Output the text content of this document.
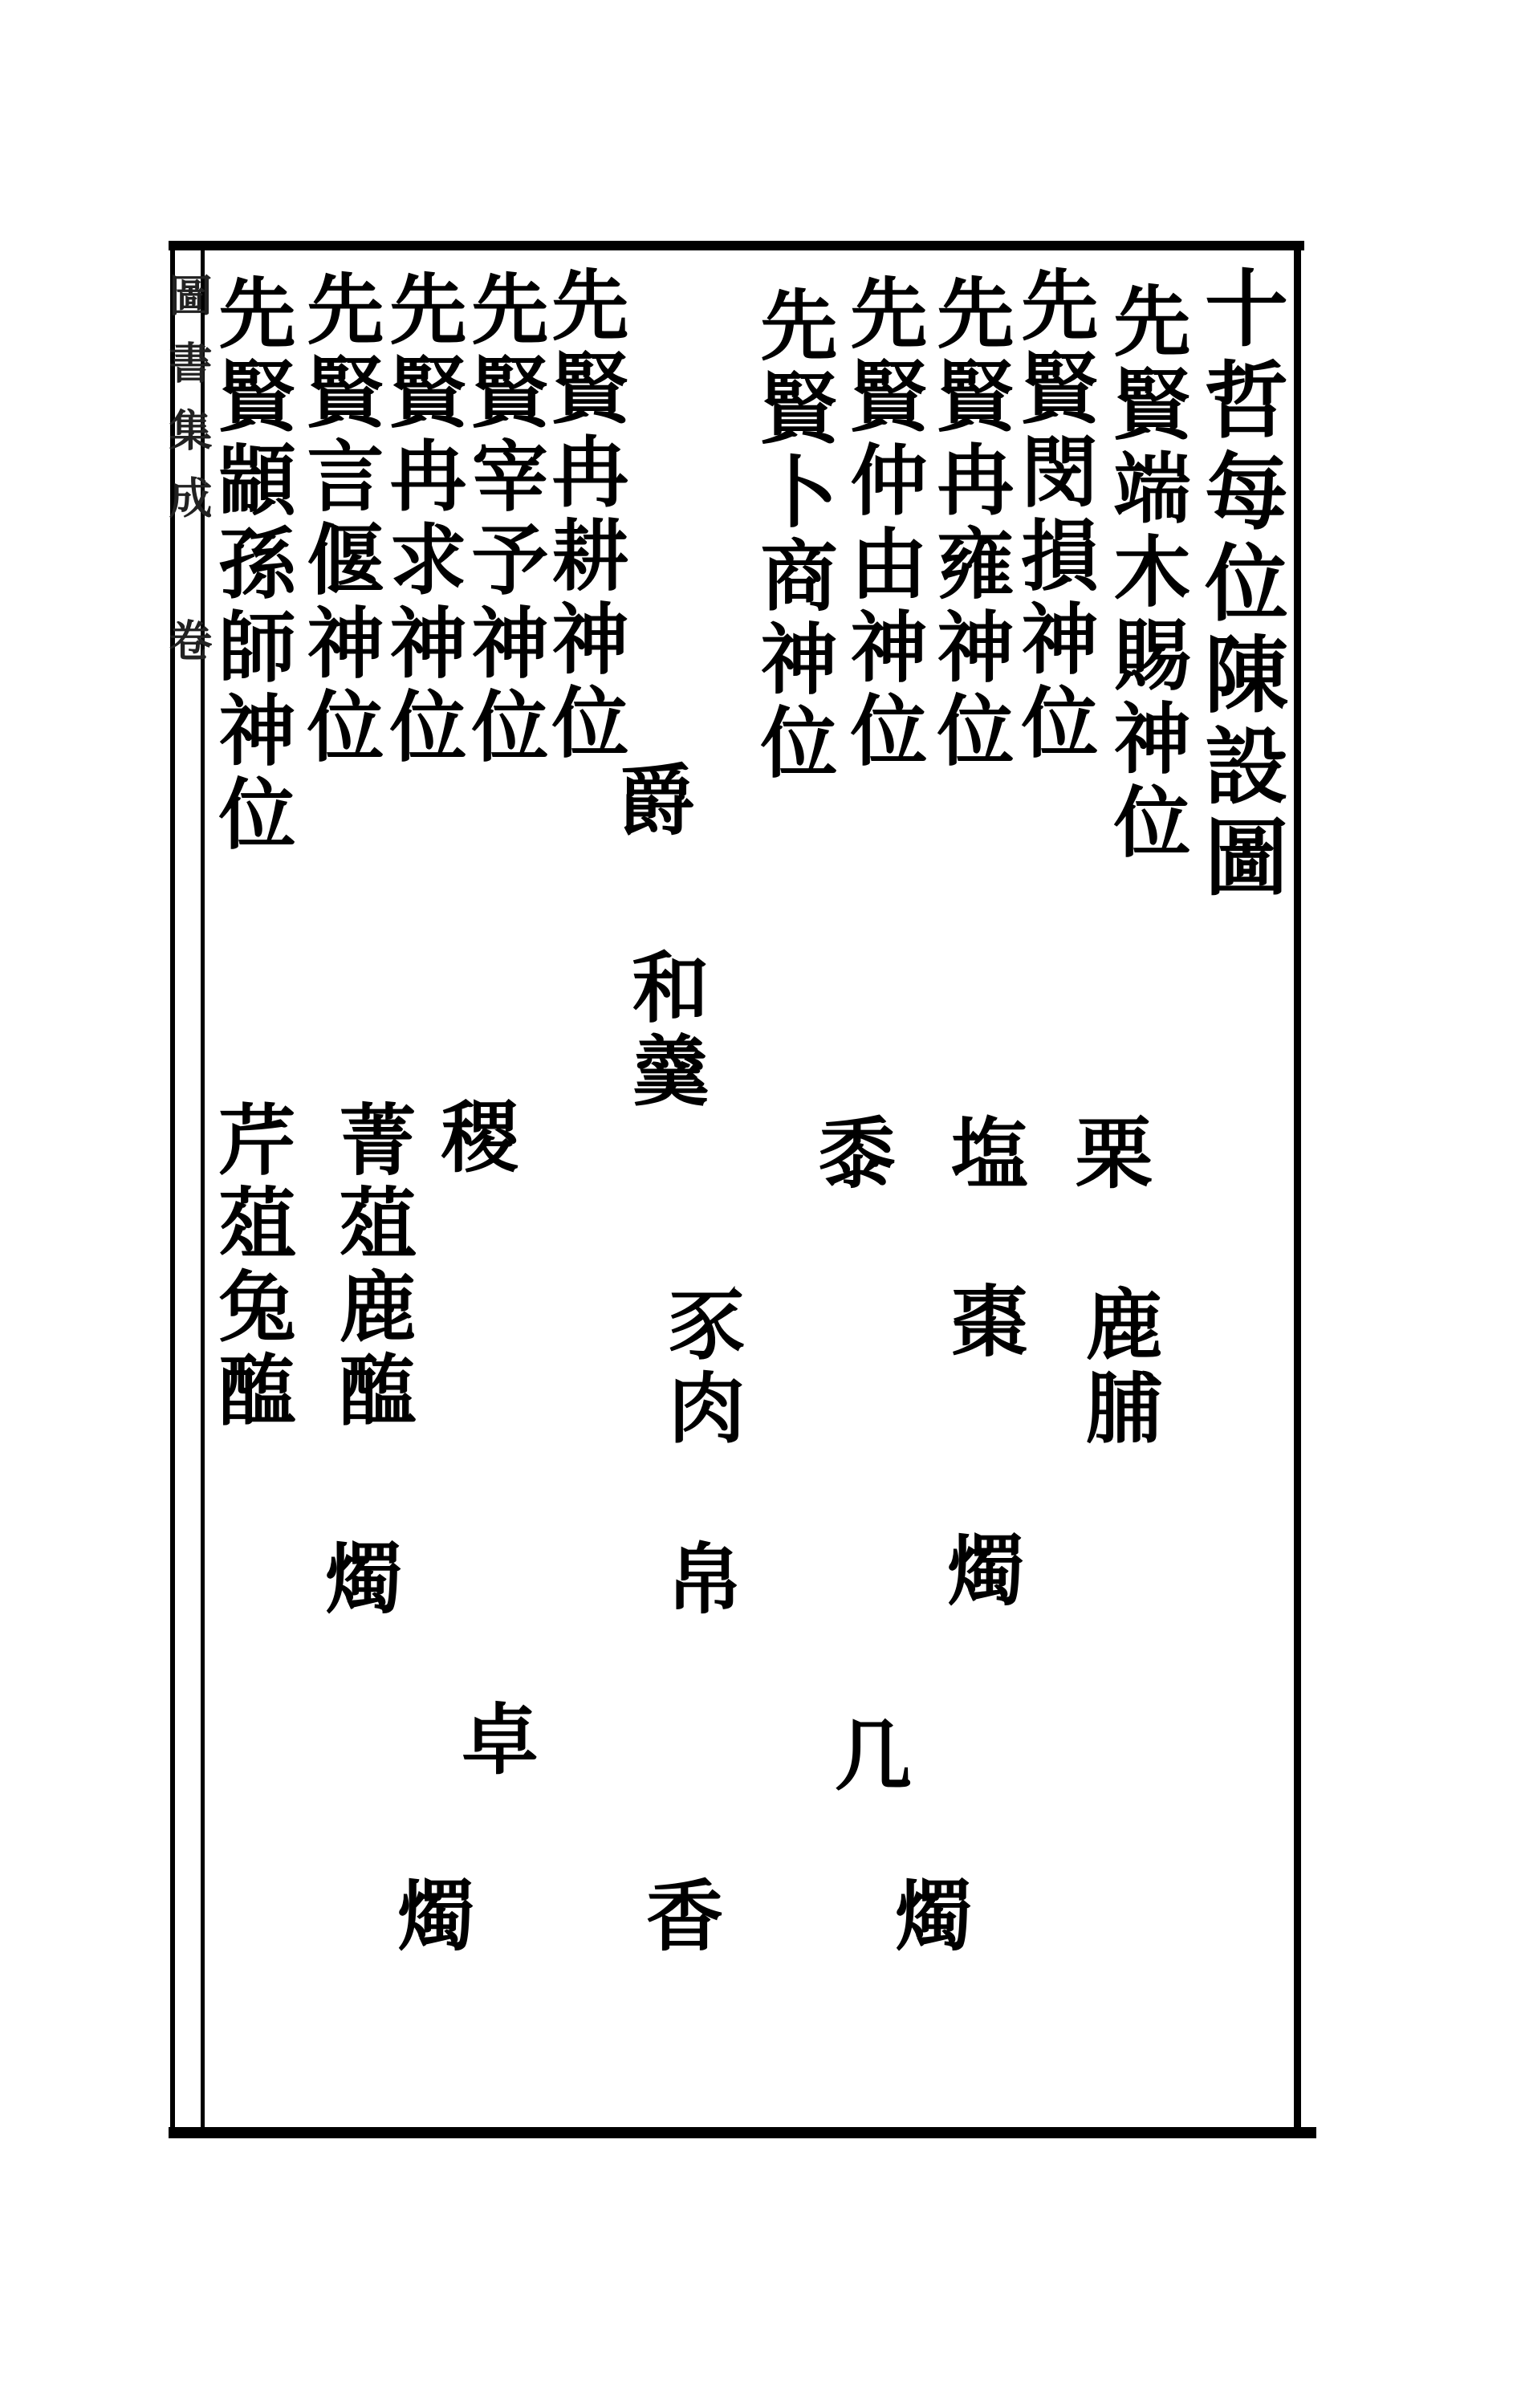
圖書集成 卷	十哲每位陳設圖
先賢端木賜神位
先賢閔損神位
先賢冉雍神位
先賢仲由神位
先賢卜商神位
先賢冉耕神位
先賢宰予神位
先賢冉求神位
先賢言偃神位
先賢顓孫師神位	爵
和羹
栗
鹿脯
塩
棗
黍
稷
菁葅鹿醢
芹葅兔醢	豕肉
帛	燭
燭
几
卓
燭
香
燭
